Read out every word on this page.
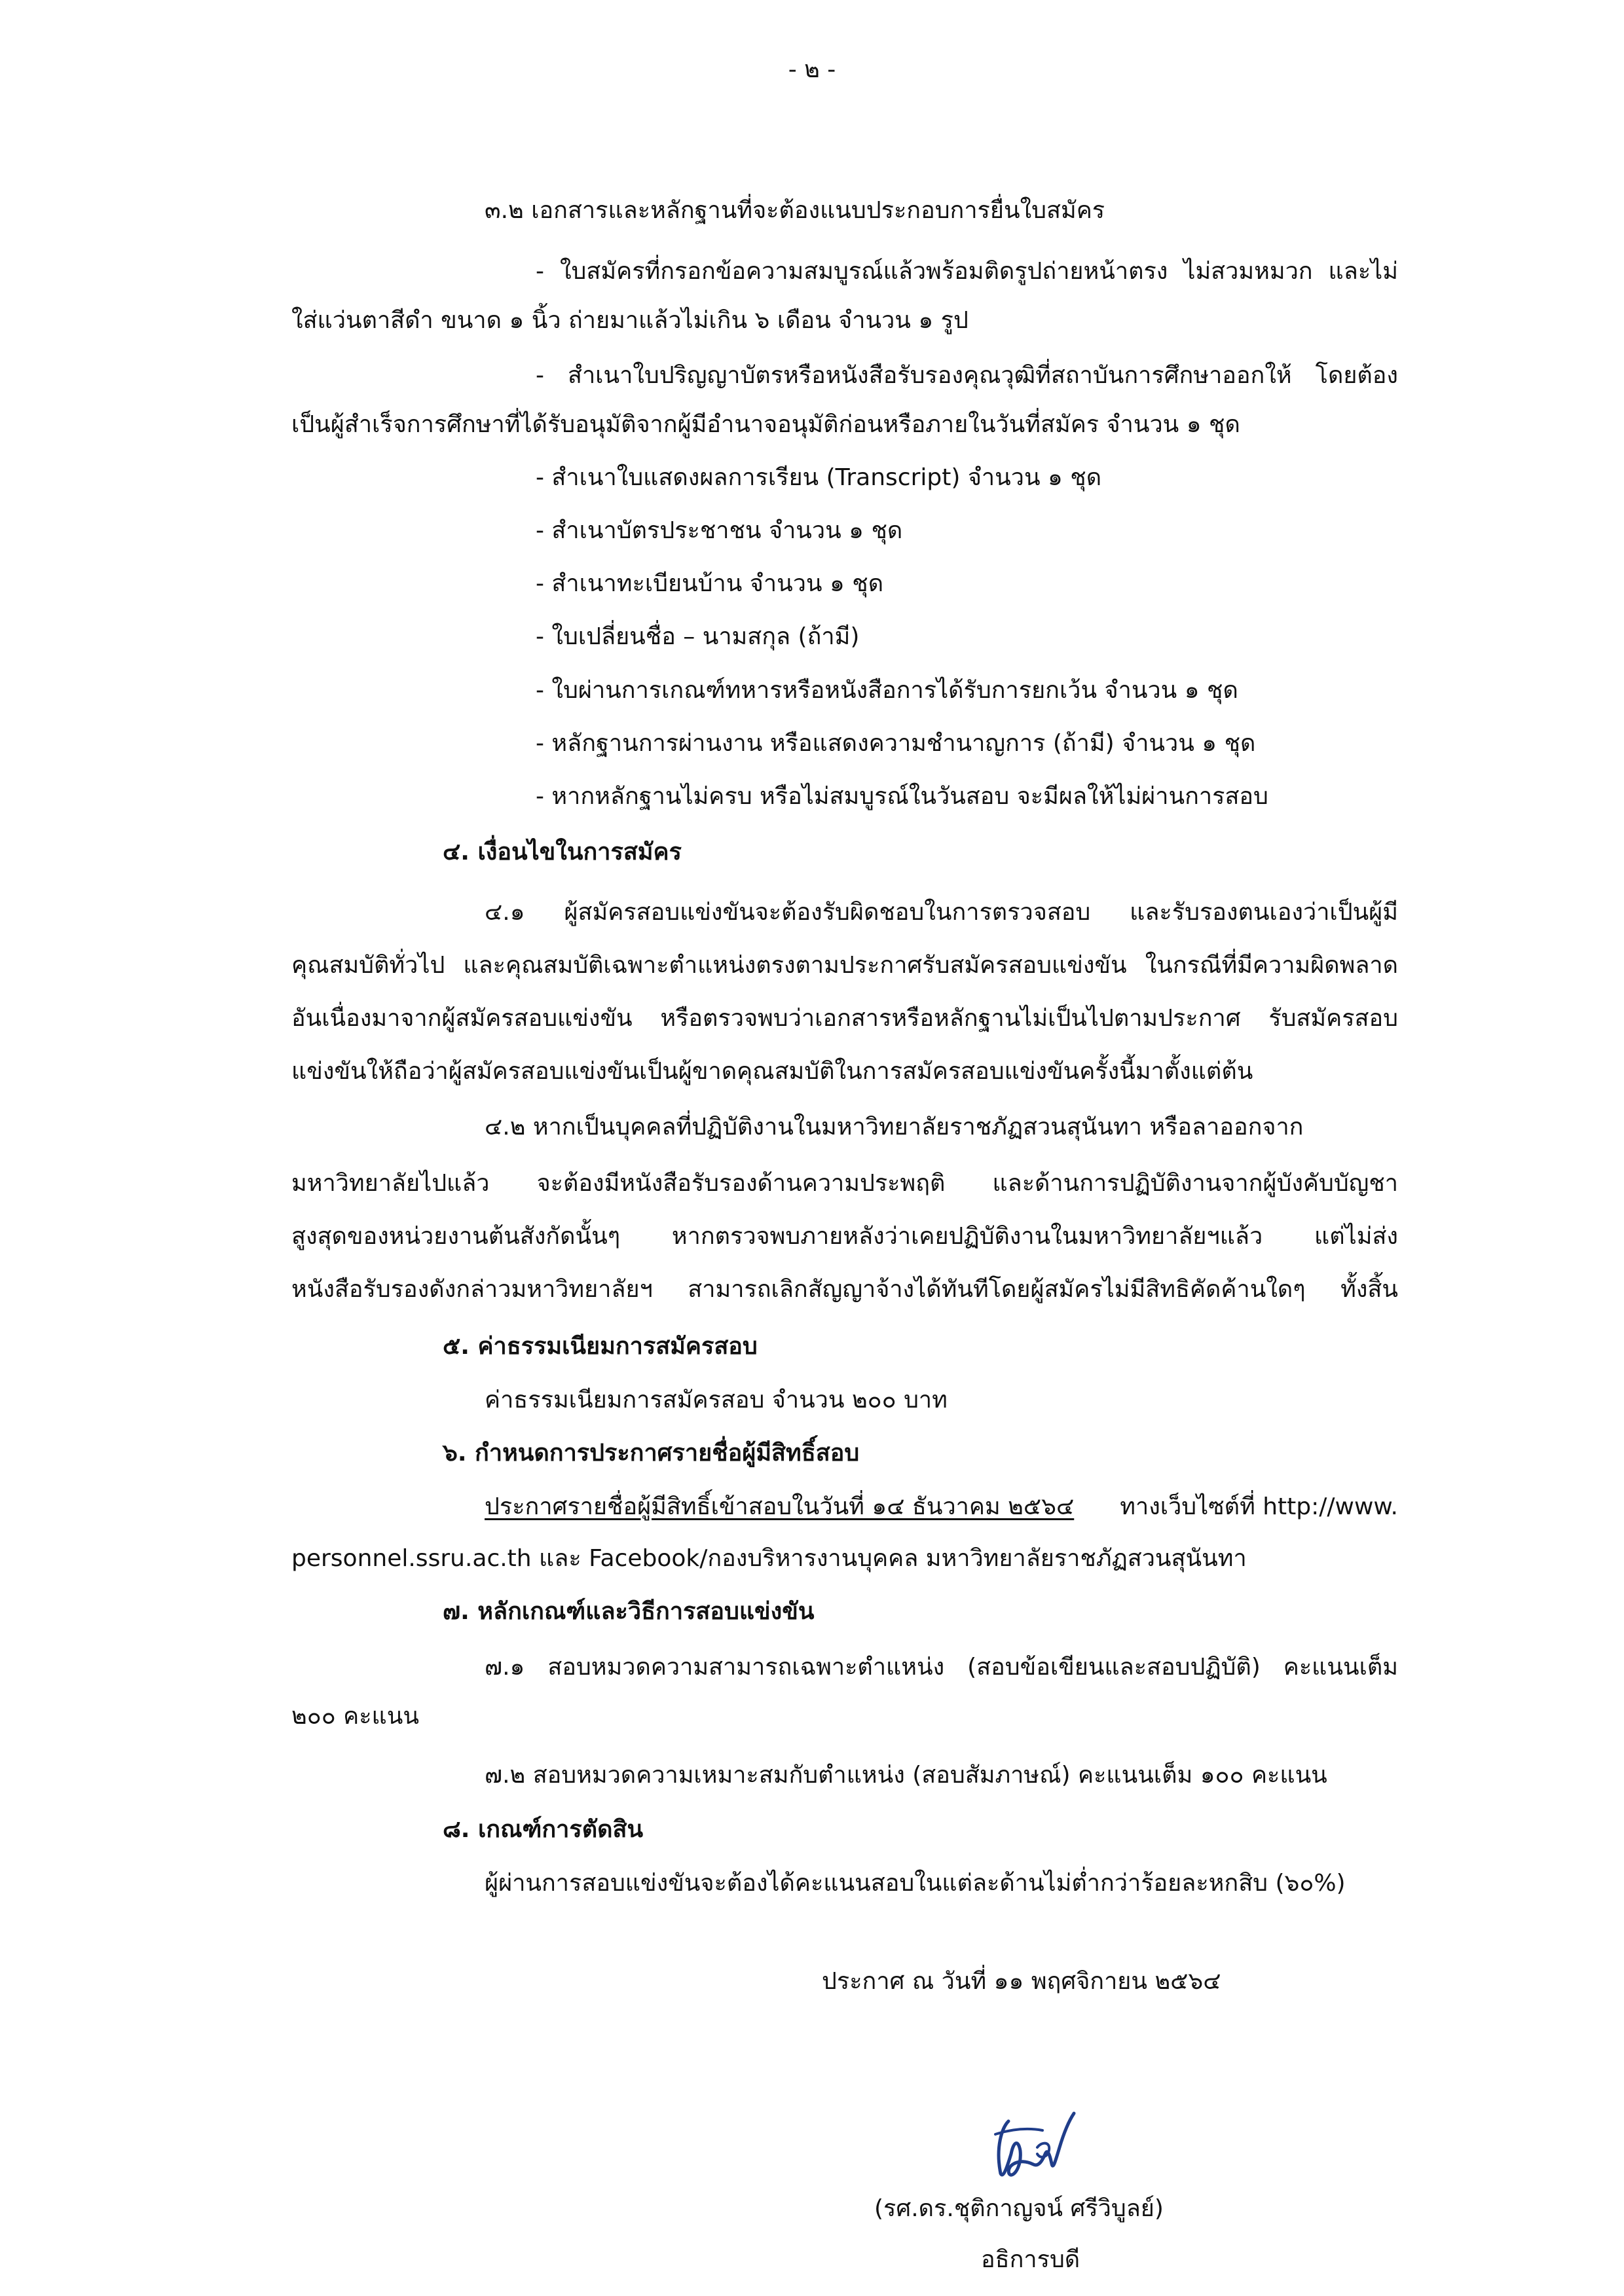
- ๒ -
๓.๒ เอกสารและหลักฐานที่จะต้องแนบประกอบการยื่นใบสมัคร
- ใบสมัครที่กรอกข้อความสมบูรณ์แล้วพร้อมติดรูปถ่ายหน้าตรง ไม่สวมหมวก และไม่
ใส่แว่นตาสีดำ ขนาด ๑ นิ้ว ถ่ายมาแล้วไม่เกิน ๖ เดือน จำนวน ๑ รูป
- สำเนาใบปริญญาบัตรหรือหนังสือรับรองคุณวุฒิที่สถาบันการศึกษาออกให้ โดยต้อง
เป็นผู้สำเร็จการศึกษาที่ได้รับอนุมัติจากผู้มีอำนาจอนุมัติก่อนหรือภายในวันที่สมัคร จำนวน ๑ ชุด
- สำเนาใบแสดงผลการเรียน (Transcript) จำนวน ๑ ชุด
- สำเนาบัตรประชาชน จำนวน ๑ ชุด
- สำเนาทะเบียนบ้าน จำนวน ๑ ชุด
- ใบเปลี่ยนชื่อ – นามสกุล (ถ้ามี)
- ใบผ่านการเกณฑ์ทหารหรือหนังสือการได้รับการยกเว้น จำนวน ๑ ชุด
- หลักฐานการผ่านงาน หรือแสดงความชำนาญการ (ถ้ามี) จำนวน ๑ ชุด
- หากหลักฐานไม่ครบ หรือไม่สมบูรณ์ในวันสอบ จะมีผลให้ไม่ผ่านการสอบ
๔. เงื่อนไขในการสมัคร
๔.๑ ผู้สมัครสอบแข่งขันจะต้องรับผิดชอบในการตรวจสอบ และรับรองตนเองว่าเป็นผู้มี
คุณสมบัติทั่วไป และคุณสมบัติเฉพาะตำแหน่งตรงตามประกาศรับสมัครสอบแข่งขัน ในกรณีที่มีความผิดพลาด
อันเนื่องมาจากผู้สมัครสอบแข่งขัน หรือตรวจพบว่าเอกสารหรือหลักฐานไม่เป็นไปตามประกาศ รับสมัครสอบ
แข่งขันให้ถือว่าผู้สมัครสอบแข่งขันเป็นผู้ขาดคุณสมบัติในการสมัครสอบแข่งขันครั้งนี้มาตั้งแต่ต้น
๔.๒ หากเป็นบุคคลที่ปฏิบัติงานในมหาวิทยาลัยราชภัฏสวนสุนันทา หรือลาออกจาก
มหาวิทยาลัยไปแล้ว จะต้องมีหนังสือรับรองด้านความประพฤติ และด้านการปฏิบัติงานจากผู้บังคับบัญชา
สูงสุดของหน่วยงานต้นสังกัดนั้นๆ หากตรวจพบภายหลังว่าเคยปฏิบัติงานในมหาวิทยาลัยฯแล้ว แต่ไม่ส่ง
หนังสือรับรองดังกล่าวมหาวิทยาลัยฯ สามารถเลิกสัญญาจ้างได้ทันทีโดยผู้สมัครไม่มีสิทธิคัดค้านใดๆ ทั้งสิ้น
๕. ค่าธรรมเนียมการสมัครสอบ
ค่าธรรมเนียมการสมัครสอบ จำนวน ๒๐๐ บาท
๖. กำหนดการประกาศรายชื่อผู้มีสิทธิ์สอบ
ประกาศรายชื่อผู้มีสิทธิ์เข้าสอบในวันที่ ๑๔ ธันวาคม ๒๕๖๔ ทางเว็บไซต์ที่ http://www.
personnel.ssru.ac.th และ Facebook/กองบริหารงานบุคคล มหาวิทยาลัยราชภัฏสวนสุนันทา
๗. หลักเกณฑ์และวิธีการสอบแข่งขัน
๗.๑ สอบหมวดความสามารถเฉพาะตำแหน่ง (สอบข้อเขียนและสอบปฏิบัติ) คะแนนเต็ม
๒๐๐ คะแนน
๗.๒ สอบหมวดความเหมาะสมกับตำแหน่ง (สอบสัมภาษณ์) คะแนนเต็ม ๑๐๐ คะแนน
๘. เกณฑ์การตัดสิน
ผู้ผ่านการสอบแข่งขันจะต้องได้คะแนนสอบในแต่ละด้านไม่ต่ำกว่าร้อยละหกสิบ (๖๐%)
ประกาศ ณ วันที่ ๑๑ พฤศจิกายน ๒๕๖๔
(รศ.ดร.ชุติกาญจน์ ศรีวิบูลย์)
อธิการบดี
